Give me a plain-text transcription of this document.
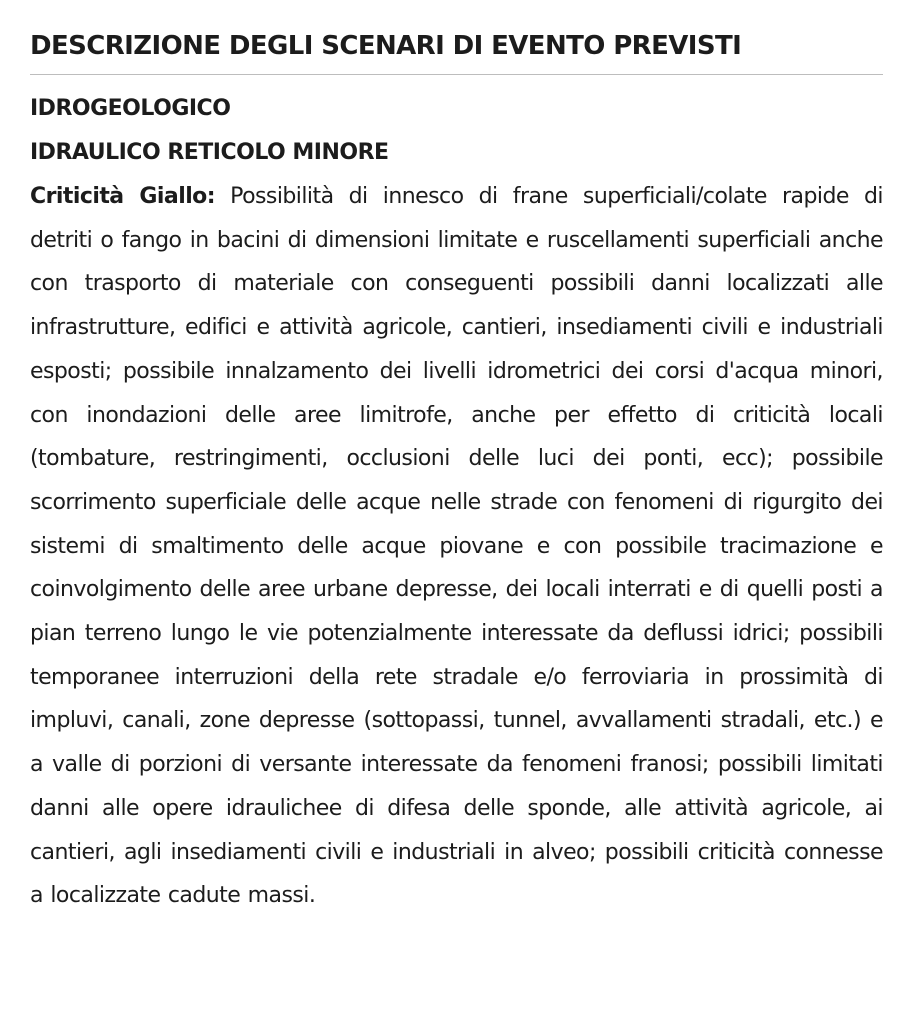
DESCRIZIONE DEGLI SCENARI DI EVENTO PREVISTI
IDROGEOLOGICO
IDRAULICO RETICOLO MINORE

Criticità Giallo: Possibilità di innesco di frane superficiali/colate rapide di detriti o fango in bacini di dimensioni limitate e ruscellamenti superficiali anche con trasporto di materiale con conseguenti possibili danni localizzati alle infrastrutture, edifici e attività agricole, cantieri, insediamenti civili e industriali esposti; possibile innalzamento dei livelli idrometrici dei corsi d'acqua minori, con inondazioni delle aree limitrofe, anche per effetto di criticità locali (tombature, restringimenti, occlusioni delle luci dei ponti, ecc); possibile scorrimento superficiale delle acque nelle strade con fenomeni di rigurgito dei sistemi di smaltimento delle acque piovane e con possibile tracimazione e coinvolgimento delle aree urbane depresse, dei locali interrati e di quelli posti a pian terreno lungo le vie potenzialmente interessate da deflussi idrici; possibili temporanee interruzioni della rete stradale e/o ferroviaria in prossimità di impluvi, canali, zone depresse (sottopassi, tunnel, avvallamenti stradali, etc.) e a valle di porzioni di versante interessate da fenomeni franosi; possibili limitati danni alle opere idraulichee di difesa delle sponde, alle attività agricole, ai cantieri, agli insediamenti civili e industriali in alveo; possibili criticità connesse a localizzate cadute massi.
